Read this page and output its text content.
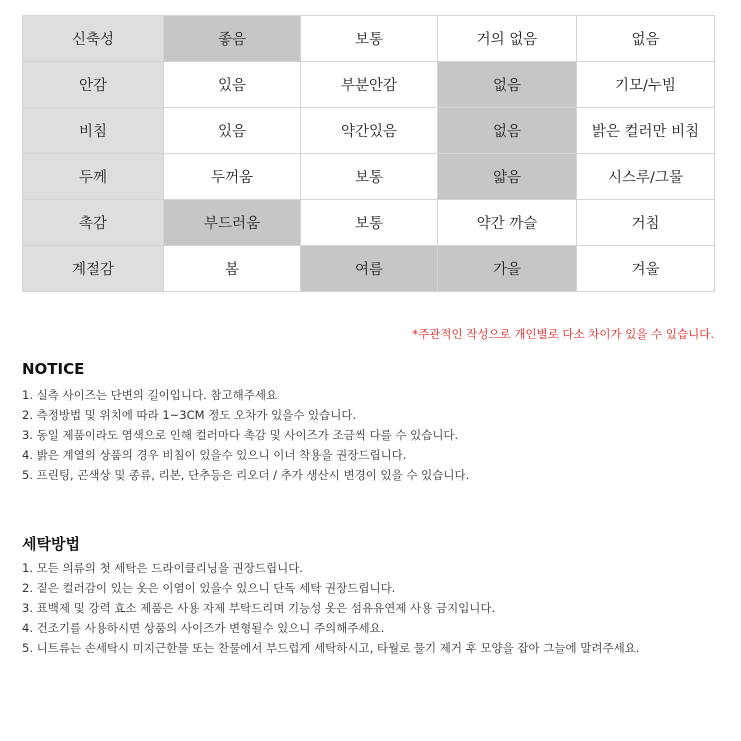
신축성	좋음	보통	거의 없음	없음
안감	있음	부분안감	없음	기모/누빔
비침	있음	약간있음	없음	밝은 컬러만 비침
두께	두꺼움	보통	얇음	시스루/그물
촉감	부드러움	보통	약간 까슬	거침
계절감	봄	여름	가을	겨울
*주관적인 작성으로 개인별로 다소 차이가 있을 수 있습니다.
NOTICE
1. 실측 사이즈는 단변의 길이입니다. 참고해주세요
2. 측정방법 및 위치에 따라 1~3CM 정도 오차가 있을수 있습니다.
3. 동일 제품이라도 염색으로 인해 컬러마다 촉감 및 사이즈가 조금씩 다를 수 있습니다.
4. 밝은 계열의 상품의 경우 비침이 있을수 있으니 이너 착용을 권장드립니다.
5. 프린팅, 곤색상 및 종류, 리본, 단추등은 리오더 / 추가 생산시 변경이 있을 수 있습니다.
세탁방법
1. 모든 의류의 첫 세탁은 드라이클리닝을 권장드립니다.
2. 짙은 컬러감이 있는 옷은 이염이 있을수 있으니 단독 세탁 권장드립니다.
3. 표백제 및 강력 효소 제품은 사용 자제 부탁드리며 기능성 옷은 섬유유연제 사용 금지입니다.
4. 건조기를 사용하시면 상품의 사이즈가 변형될수 있으니 주의해주세요.
5. 니트류는 손세탁시 미지근한물 또는 찬물에서 부드럽게 세탁하시고, 타월로 물기 제거 후 모양을 잡아 그늘에 말려주세요.
